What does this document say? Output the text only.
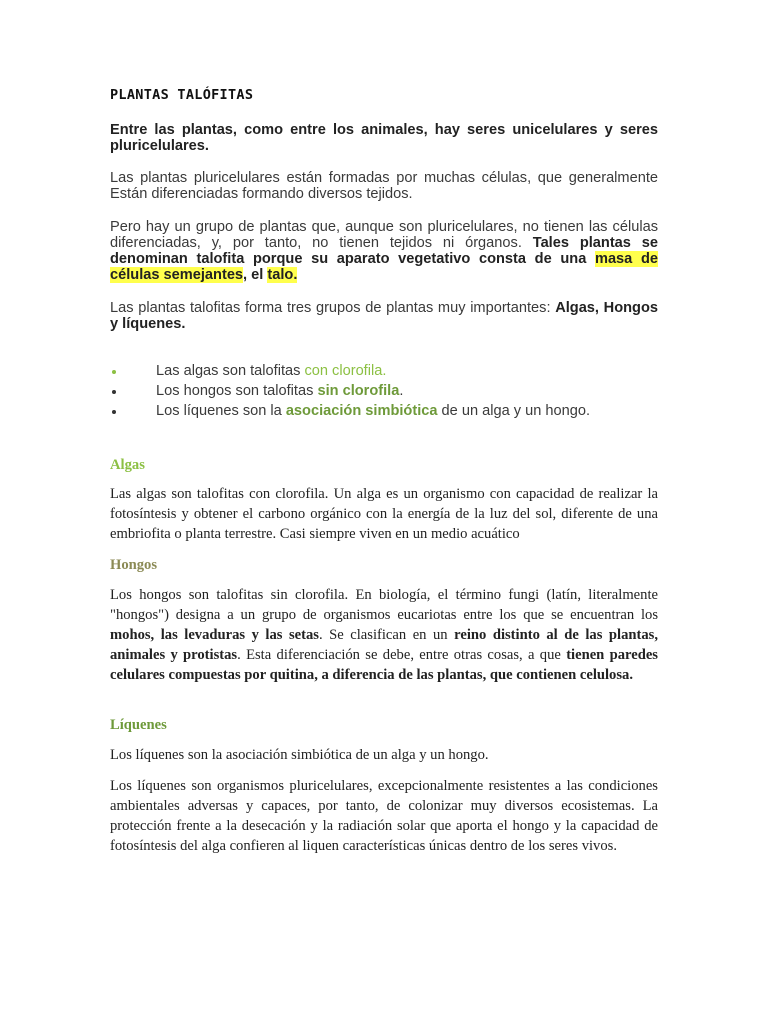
PLANTAS TALÓFITAS

Entre las plantas, como entre los animales, hay seres unicelulares y seres pluricelulares.

Las plantas pluricelulares están formadas por muchas células, que generalmente Están diferenciadas formando diversos tejidos.

Pero hay un grupo de plantas que, aunque son pluricelulares, no tienen las células diferenciadas, y, por tanto, no tienen tejidos ni órganos. Tales plantas se denominan talofita porque su aparato vegetativo consta de una masa de células semejantes, el talo.

Las plantas talofitas forma tres grupos de plantas muy importantes: Algas, Hongos y líquenes.

Las algas son talofitas con clorofila.
Los hongos son talofitas sin clorofila.
Los líquenes son la asociación simbiótica de un alga y un hongo.
Algas

Las algas son talofitas con clorofila. Un alga es un organismo con capacidad de realizar la fotosíntesis y obtener el carbono orgánico con la energía de la luz del sol, diferente de una embriofita o planta terrestre. Casi siempre viven en un medio acuático

Hongos

Los hongos son talofitas sin clorofila. En biología, el término fungi (latín, literalmente "hongos") designa a un grupo de organismos eucariotas entre los que se encuentran los mohos, las levaduras y las setas. Se clasifican en un reino distinto al de las plantas, animales y protistas. Esta diferenciación se debe, entre otras cosas, a que tienen paredes celulares compuestas por quitina, a diferencia de las plantas, que contienen celulosa.

Líquenes

Los líquenes son la asociación simbiótica de un alga y un hongo.

Los líquenes son organismos pluricelulares, excepcionalmente resistentes a las condiciones ambientales adversas y capaces, por tanto, de colonizar muy diversos ecosistemas. La protección frente a la desecación y la radiación solar que aporta el hongo y la capacidad de fotosíntesis del alga confieren al liquen características únicas dentro de los seres vivos.
